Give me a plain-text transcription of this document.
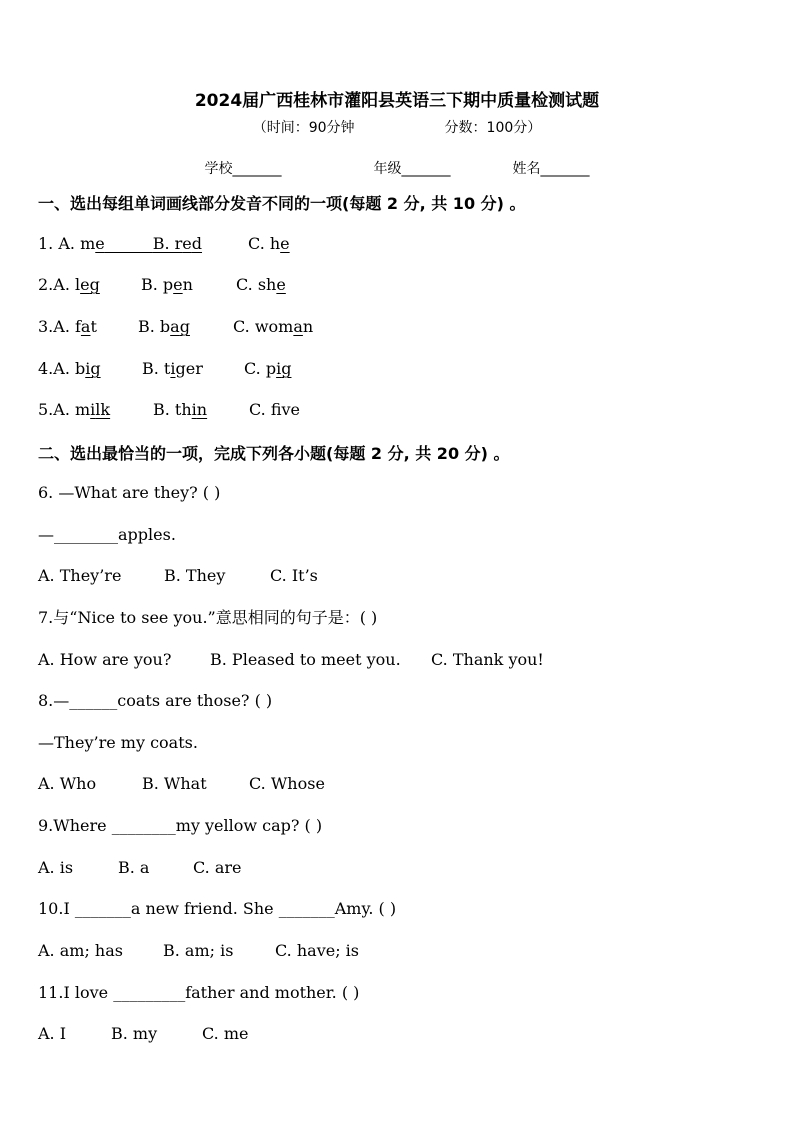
2024届广西桂林市灌阳县英语三下期中质量检测试题
（时间：90分钟	分数：100分）
学校_______	年级_______	姓名_______
一、选出每组单词画线部分发音不同的一项(每题 2 分, 共 10 分) 。
1. A. me______B. red	C. he
2.A. leg	B. pen	C. she
3.A. fat	B. bag	C. woman
4.A. big	B. tiger	C. pig
5.A. milk	B. thin	C. fve
二、选出最恰当的一项，完成下列各小题(每题 2 分, 共 20 分) 。
6. —What are they? ( )
—________apples.
A. They’re	B. They	C. It’s
7.与“Nice to see you.”意思相同的句子是：( )
A. How are you? B. Pleased to meet you. C. Thank you!
8.—______coats are those? ( )
—They’re my coats.
A. Who	B. What	C. Whose
9.Where ________my yellow cap? ( )
A. is	B. a	C. are
10.I _______a new friend. She _______Amy. ( )
A. am; has	B. am; is	C. have; is
11.I love _________father and mother. ( )
A. I	B. my	C. me
